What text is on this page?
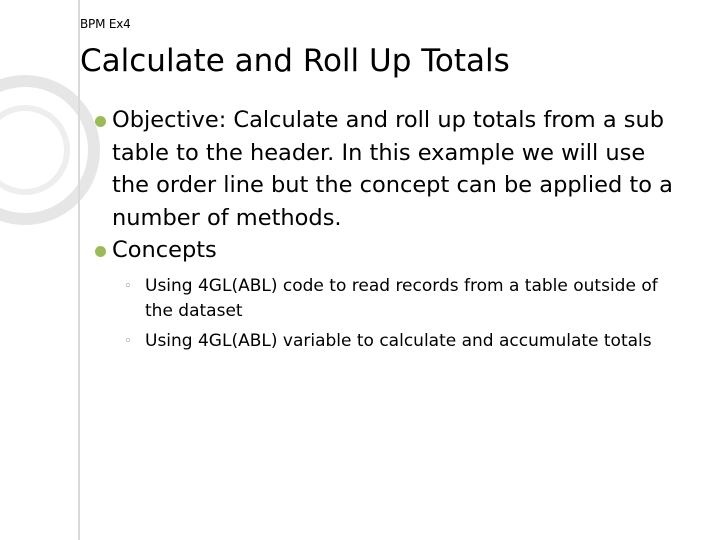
BPM Ex4
Calculate and Roll Up Totals
Objective: Calculate and roll up totals from a sub table to the header. In this example we will use the order line but the concept can be applied to a number of methods.
Concepts
◦ Using 4GL(ABL) code to read records from a table outside of the dataset
◦ Using 4GL(ABL) variable to calculate and accumulate totals
